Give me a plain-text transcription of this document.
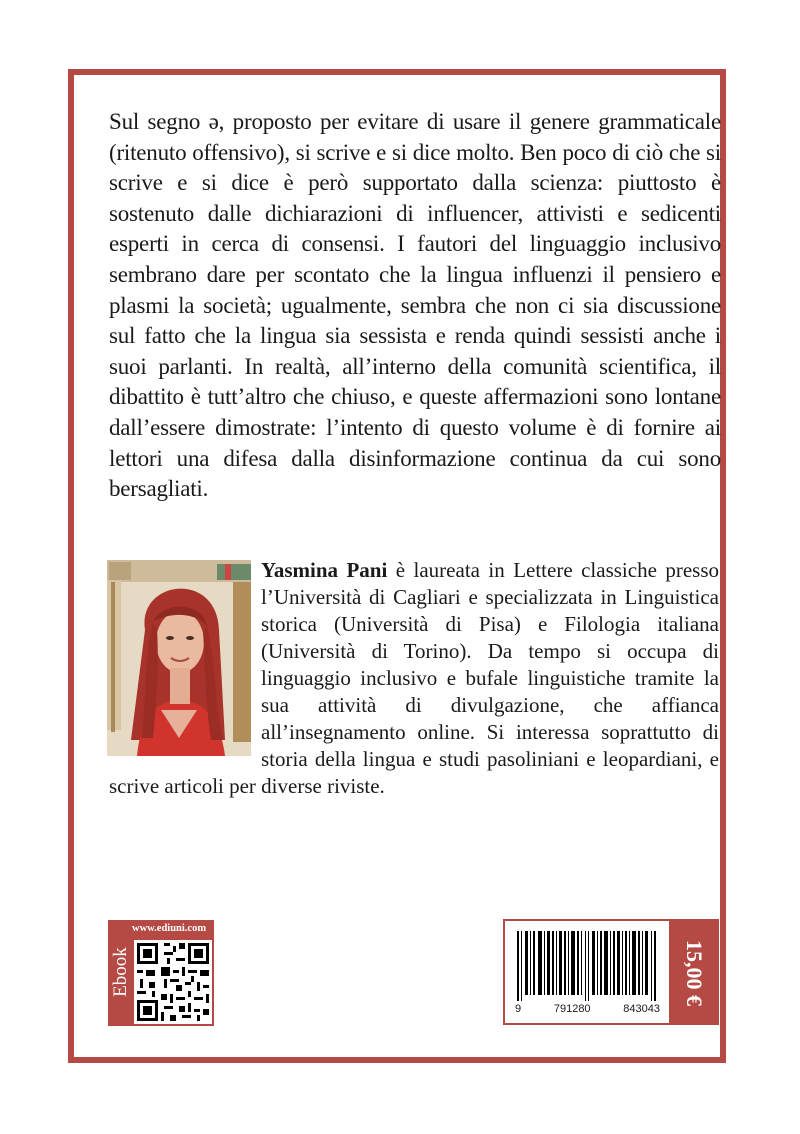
Sul segno ə, proposto per evitare di usare il genere grammaticale (ritenuto offensivo), si scrive e si dice molto. Ben poco di ciò che si scrive e si dice è però supportato dalla scienza: piuttosto è sostenuto dalle dichiarazioni di influencer, attivisti e sedicenti esperti in cerca di consensi. I fautori del linguaggio inclusivo sembrano dare per scontato che la lingua influenzi il pensiero e plasmi la società; ugualmente, sembra che non ci sia discussione sul fatto che la lingua sia sessista e renda quindi sessisti anche i suoi parlanti. In realtà, all’interno della comunità scientifica, il dibattito è tutt’altro che chiuso, e queste affermazioni sono lontane dall’essere dimostrate: l’intento di questo volume è di fornire ai lettori una difesa dalla disinformazione continua da cui sono bersagliati.

Yasmina Pani è laureata in Lettere classiche presso l’Università di Cagliari e specializzata in Linguistica storica (Università di Pisa) e Filologia italiana (Università di Torino). Da tempo si occupa di linguaggio inclusivo e bufale linguistiche tramite la sua attività di divulgazione, che affianca all’insegnamento online. Si interessa soprattutto di storia della lingua e studi pasoliniani e leopardiani, e scrive articoli per diverse riviste.

www.ediuni.com
Ebook
9	791280	843043
15,00 €
